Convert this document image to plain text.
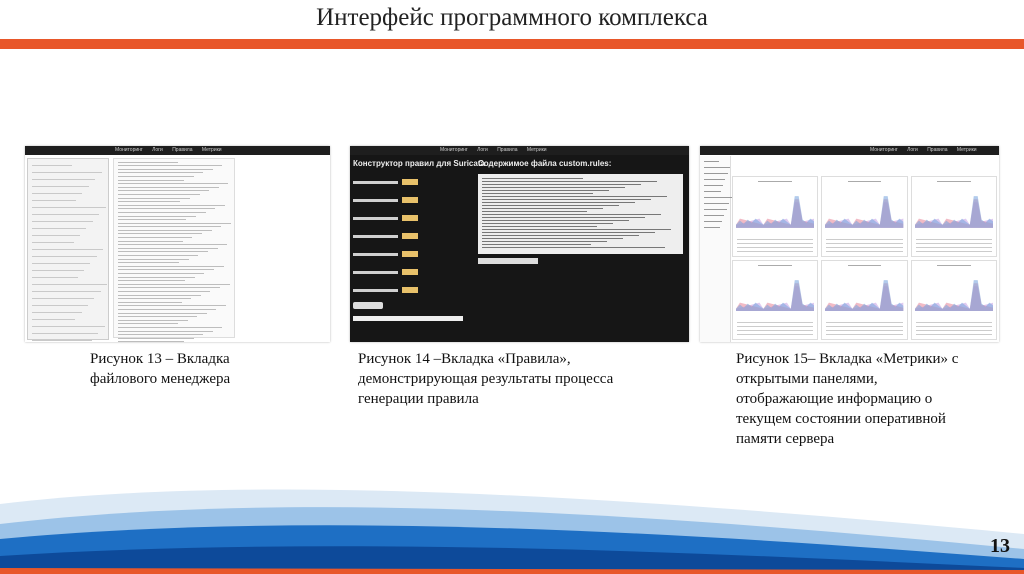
Интерфейс программного комплекса
Мониторинг Логи Правила Метрики	Мониторинг Логи Правила Метрики
Конструктор правил для Suricata
Содержимое файла custom.rules:
Мониторинг Логи Правила Метрики
Рисунок 13 – Вкладка
файлового менеджера
Рисунок 14 –Вкладка «Правила»,
демонстрирующая результаты процесса
генерации правила
Рисунок 15– Вкладка «Метрики» с
открытыми панелями,
отображающие информацию о
текущем состоянии оперативной
памяти сервера
13
